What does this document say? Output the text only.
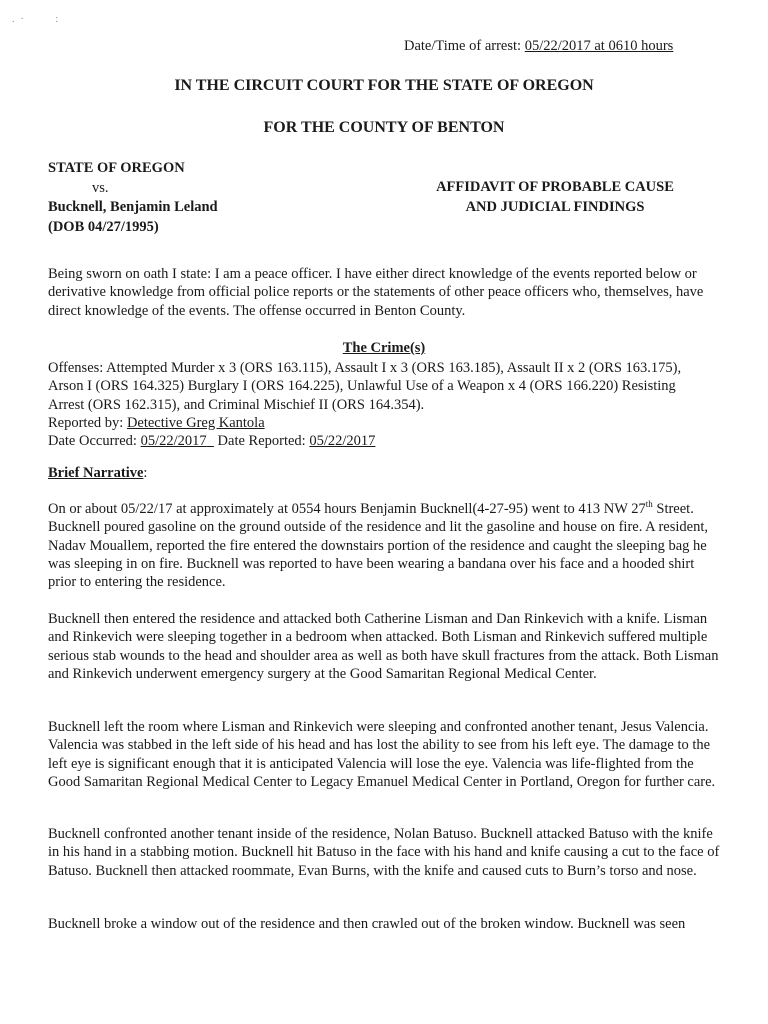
.·   :
Date/Time of arrest: 05/22/2017 at 0610 hours
IN THE CIRCUIT COURT FOR THE STATE OF OREGON
FOR THE COUNTY OF BENTON
STATE OF OREGON
vs.
Bucknell, Benjamin Leland
(DOB 04/27/1995)
AFFIDAVIT OF PROBABLE CAUSE
AND JUDICIAL FINDINGS

Being sworn on oath I state: I am a peace officer. I have either direct knowledge of the events reported below or derivative knowledge from official police reports or the statements of other peace officers who, themselves, have direct knowledge of the events. The offense occurred in Benton County.

The Crime(s)
Offenses: Attempted Murder x 3 (ORS 163.115), Assault I x 3 (ORS 163.185), Assault II x 2 (ORS 163.175),
Arson I (ORS 164.325) Burglary I (ORS 164.225), Unlawful Use of a Weapon x 4 (ORS 166.220) Resisting
Arrest (ORS 162.315), and Criminal Mischief II (ORS 164.354).
Reported by: Detective Greg Kantola
Date Occurred: 05/22/2017 Date Reported: 05/22/2017
Brief Narrative:

On or about 05/22/17 at approximately at 0554 hours Benjamin Bucknell(4-27-95) went to 413 NW 27th Street. Bucknell poured gasoline on the ground outside of the residence and lit the gasoline and house on fire. A resident, Nadav Mouallem, reported the fire entered the downstairs portion of the residence and caught the sleeping bag he was sleeping in on fire. Bucknell was reported to have been wearing a bandana over his face and a hooded shirt prior to entering the residence.

Bucknell then entered the residence and attacked both Catherine Lisman and Dan Rinkevich with a knife. Lisman and Rinkevich were sleeping together in a bedroom when attacked. Both Lisman and Rinkevich suffered multiple serious stab wounds to the head and shoulder area as well as both have skull fractures from the attack. Both Lisman and Rinkevich underwent emergency surgery at the Good Samaritan Regional Medical Center.

Bucknell left the room where Lisman and Rinkevich were sleeping and confronted another tenant, Jesus Valencia. Valencia was stabbed in the left side of his head and has lost the ability to see from his left eye. The damage to the left eye is significant enough that it is anticipated Valencia will lose the eye. Valencia was life-flighted from the Good Samaritan Regional Medical Center to Legacy Emanuel Medical Center in Portland, Oregon for further care.

Bucknell confronted another tenant inside of the residence, Nolan Batuso. Bucknell attacked Batuso with the knife in his hand in a stabbing motion. Bucknell hit Batuso in the face with his hand and knife causing a cut to the face of Batuso. Bucknell then attacked roommate, Evan Burns, with the knife and caused cuts to Burn’s torso and nose.

Bucknell broke a window out of the residence and then crawled out of the broken window. Bucknell was seen
